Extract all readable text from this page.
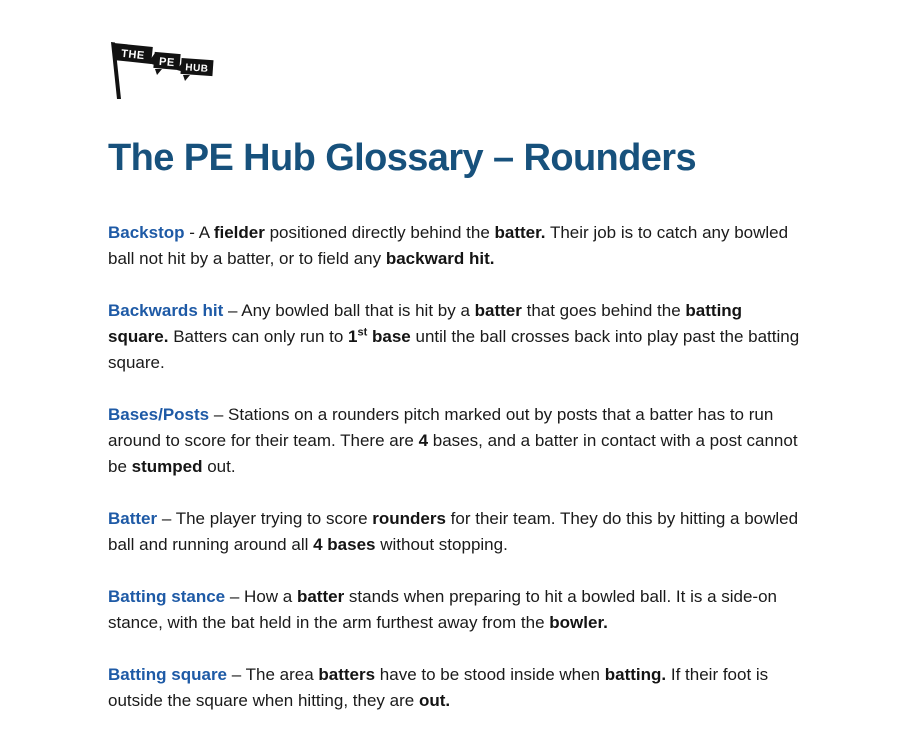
THE
PE HUB
The PE Hub Glossary – Rounders

Backstop - A fielder positioned directly behind the batter. Their job is to catch any bowled ball not hit by a batter, or to field any backward hit.

Backwards hit – Any bowled ball that is hit by a batter that goes behind the batting square. Batters can only run to 1st base until the ball crosses back into play past the batting square.

Bases/Posts – Stations on a rounders pitch marked out by posts that a batter has to run around to score for their team. There are 4 bases, and a batter in contact with a post cannot be stumped out.

Batter – The player trying to score rounders for their team. They do this by hitting a bowled ball and running around all 4 bases without stopping.

Batting stance – How a batter stands when preparing to hit a bowled ball. It is a side-on stance, with the bat held in the arm furthest away from the bowler.

Batting square – The area batters have to be stood inside when batting. If their foot is outside the square when hitting, they are out.
